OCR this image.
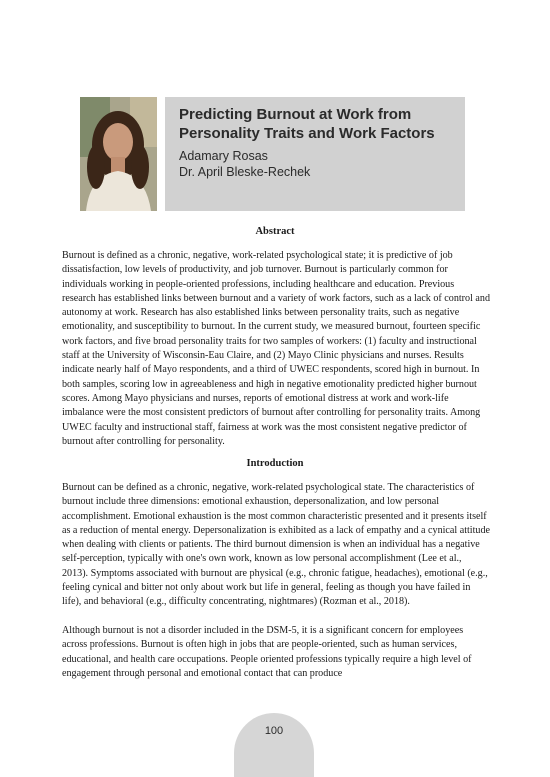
Predicting Burnout at Work from Personality Traits and Work Factors
Adamary Rosas
Dr. April Bleske-Rechek
Abstract

Burnout is defined as a chronic, negative, work-related psychological state; it is predictive of job dissatisfaction, low levels of productivity, and job turnover. Burnout is particularly common for individuals working in people-oriented professions, including healthcare and education. Previous research has established links between burnout and a variety of work factors, such as a lack of control and autonomy at work. Research has also established links between personality traits, such as negative emotionality, and susceptibility to burnout. In the current study, we measured burnout, fourteen specific work factors, and five broad personality traits for two samples of workers: (1) faculty and instructional staff at the University of Wisconsin-Eau Claire, and (2) Mayo Clinic physicians and nurses. Results indicate nearly half of Mayo respondents, and a third of UWEC respondents, scored high in burnout. In both samples, scoring low in agreeableness and high in negative emotionality predicted higher burnout scores. Among Mayo physicians and nurses, reports of emotional distress at work and work-life imbalance were the most consistent predictors of burnout after controlling for personality traits. Among UWEC faculty and instructional staff, fairness at work was the most consistent negative predictor of burnout after controlling for personality.

Introduction

Burnout can be defined as a chronic, negative, work-related psychological state. The characteristics of burnout include three dimensions: emotional exhaustion, depersonalization, and low personal accomplishment. Emotional exhaustion is the most common characteristic presented and it presents itself as a reduction of mental energy. Depersonalization is exhibited as a lack of empathy and a cynical attitude when dealing with clients or patients. The third burnout dimension is when an individual has a negative self-perception, typically with one's own work, known as low personal accomplishment (Lee et al., 2013). Symptoms associated with burnout are physical (e.g., chronic fatigue, headaches), emotional (e.g., feeling cynical and bitter not only about work but life in general, feeling as though you have failed in life), and behavioral (e.g., difficulty concentrating, nightmares) (Rozman et al., 2018).

Although burnout is not a disorder included in the DSM-5, it is a significant concern for employees across professions. Burnout is often high in jobs that are people-oriented, such as human services, educational, and health care occupations. People oriented professions typically require a high level of engagement through personal and emotional contact that can produce

100
